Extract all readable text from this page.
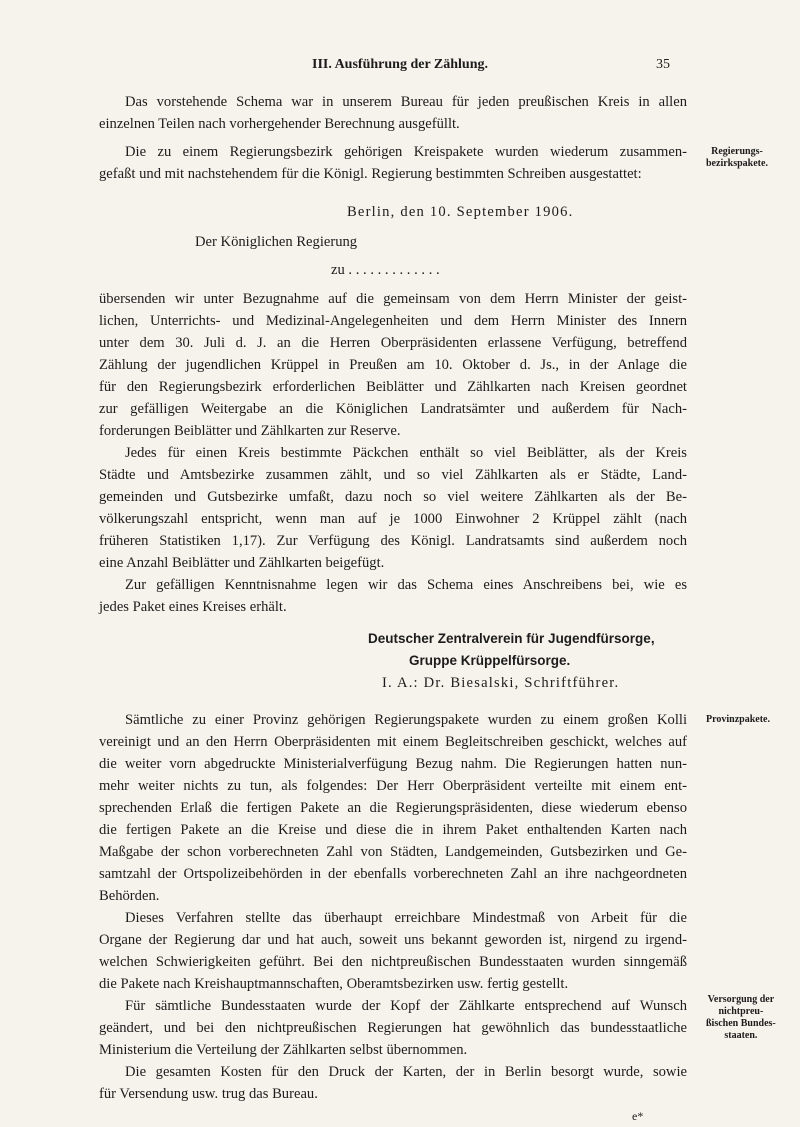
III. Ausführung der Zählung.	35
Das vorstehende Schema war in unserem Bureau für jeden preußischen Kreis in allen
einzelnen Teilen nach vorhergehender Berechnung ausgefüllt.
Die zu einem Regierungsbezirk gehörigen Kreispakete wurden wiederum zusammen-
gefaßt und mit nachstehendem für die Königl. Regierung bestimmten Schreiben ausgestattet:
Regierungs-
bezirkspakete.
Berlin, den 10. September 1906.
Der Königlichen Regierung
zu . . . . . . . . . . . . .
übersenden wir unter Bezugnahme auf die gemeinsam von dem Herrn Minister der geist-
lichen, Unterrichts- und Medizinal-Angelegenheiten und dem Herrn Minister des Innern
unter dem 30. Juli d. J. an die Herren Oberpräsidenten erlassene Verfügung, betreffend
Zählung der jugendlichen Krüppel in Preußen am 10. Oktober d. Js., in der Anlage die
für den Regierungsbezirk erforderlichen Beiblätter und Zählkarten nach Kreisen geordnet
zur gefälligen Weitergabe an die Königlichen Landratsämter und außerdem für Nach-
forderungen Beiblätter und Zählkarten zur Reserve.
Jedes für einen Kreis bestimmte Päckchen enthält so viel Beiblätter, als der Kreis
Städte und Amtsbezirke zusammen zählt, und so viel Zählkarten als er Städte, Land-
gemeinden und Gutsbezirke umfaßt, dazu noch so viel weitere Zählkarten als der Be-
völkerungszahl entspricht, wenn man auf je 1000 Einwohner 2 Krüppel zählt (nach
früheren Statistiken 1,17). Zur Verfügung des Königl. Landratsamts sind außerdem noch
eine Anzahl Beiblätter und Zählkarten beigefügt.
Zur gefälligen Kenntnisnahme legen wir das Schema eines Anschreibens bei, wie es
jedes Paket eines Kreises erhält.
Deutscher Zentralverein für Jugendfürsorge,
Gruppe Krüppelfürsorge.
I. A.: Dr. Biesalski, Schriftführer.
Sämtliche zu einer Provinz gehörigen Regierungspakete wurden zu einem großen Kolli Provinzpakete.
vereinigt und an den Herrn Oberpräsidenten mit einem Begleitschreiben geschickt, welches auf
die weiter vorn abgedruckte Ministerialverfügung Bezug nahm. Die Regierungen hatten nun-
mehr weiter nichts zu tun, als folgendes: Der Herr Oberpräsident verteilte mit einem ent-
sprechenden Erlaß die fertigen Pakete an die Regierungspräsidenten, diese wiederum ebenso
die fertigen Pakete an die Kreise und diese die in ihrem Paket enthaltenden Karten nach
Maßgabe der schon vorberechneten Zahl von Städten, Landgemeinden, Gutsbezirken und Ge-
samtzahl der Ortspolizeibehörden in der ebenfalls vorberechneten Zahl an ihre nachgeordneten
Behörden.
Dieses Verfahren stellte das überhaupt erreichbare Mindestmaß von Arbeit für die
Organe der Regierung dar und hat auch, soweit uns bekannt geworden ist, nirgend zu irgend-
welchen Schwierigkeiten geführt. Bei den nichtpreußischen Bundesstaaten wurden sinngemäß
die Pakete nach Kreishauptmannschaften, Oberamtsbezirken usw. fertig gestellt.
Für sämtliche Bundesstaaten wurde der Kopf der Zählkarte entsprechend auf Wunsch
geändert, und bei den nichtpreußischen Regierungen hat gewöhnlich das bundesstaatliche
Versorgung der
nichtpreu-
ßischen Bundes-
staaten.
Ministerium die Verteilung der Zählkarten selbst übernommen.
Die gesamten Kosten für den Druck der Karten, der in Berlin besorgt wurde, sowie
für Versendung usw. trug das Bureau.
e*
